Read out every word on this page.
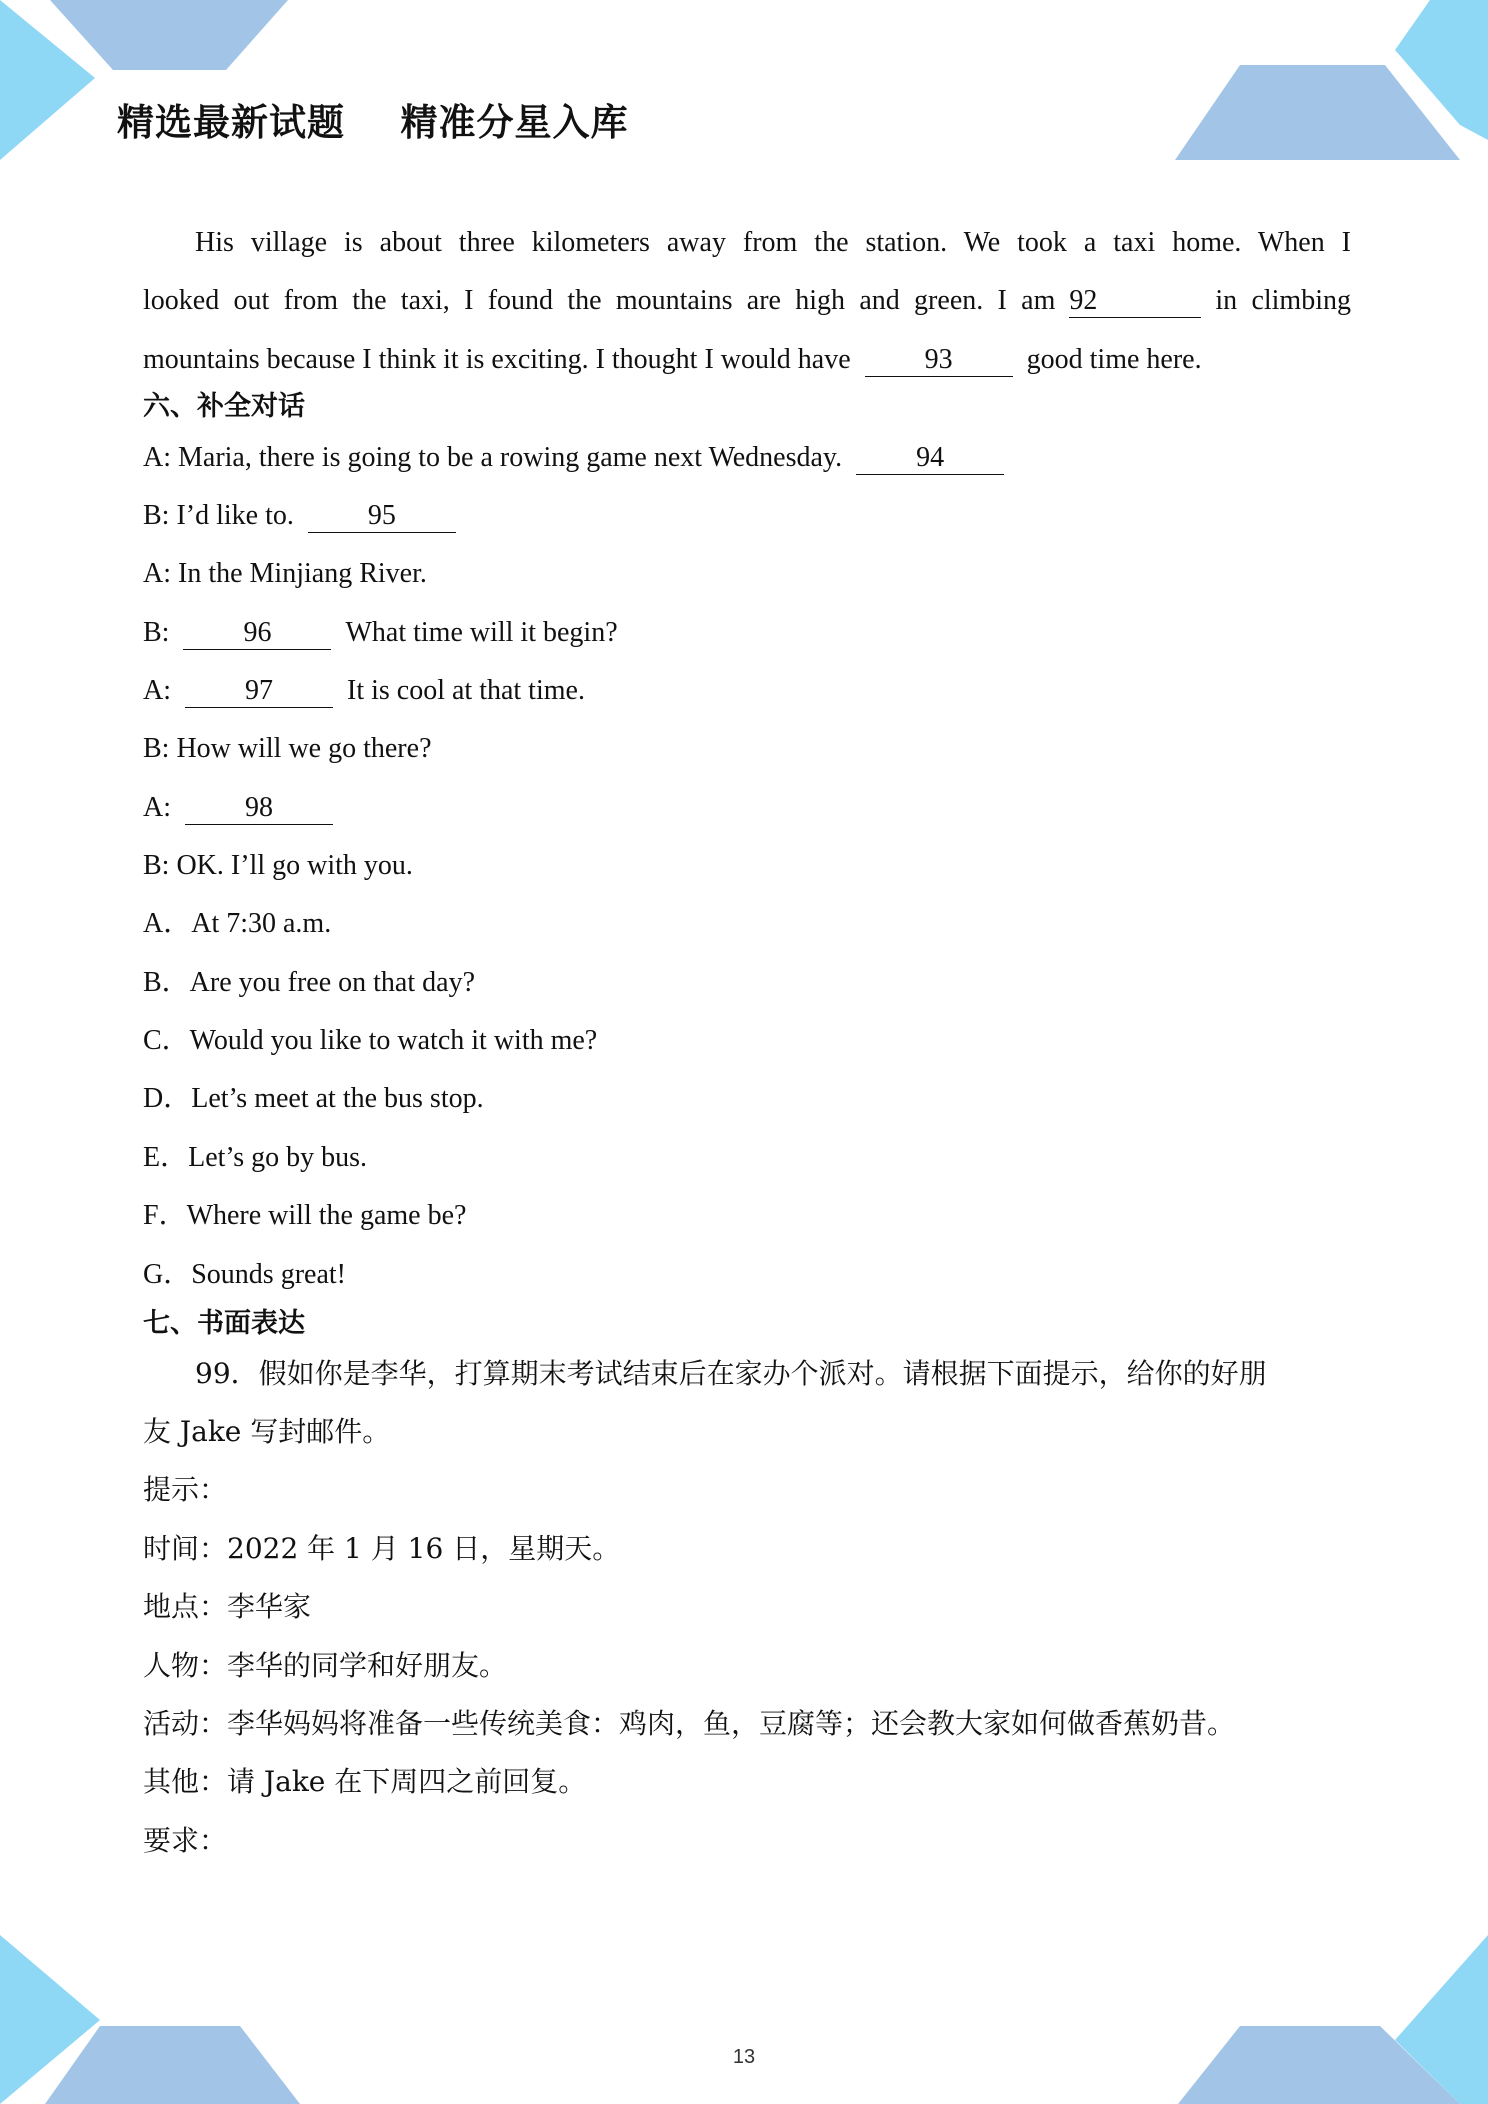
精选最新试题    精准分星入库
His village is about three kilometers away from the station. We took a taxi home. When I
looked out from the taxi, I found the mountains are high and green. I am 92	in climbing
mountains because I think it is exciting. I thought I would have	93	good time here.
六、补全对话
A: Maria, there is going to be a rowing game next Wednesday.	94
B: I’d like to.	95
A: In the Minjiang River.
B:	96	What time will it begin?
A:	97	It is cool at that time.
B: How will we go there?
A:	98
B: OK. I’ll go with you.
A．At 7:30 a.m.
B．Are you free on that day?
C．Would you like to watch it with me?
D．Let’s meet at the bus stop.
E．Let’s go by bus.
F．Where will the game be?
G．Sounds great!
七、书面表达
99．假如你是李华，打算期末考试结束后在家办个派对。请根据下面提示，给你的好朋
友 Jake 写封邮件。
提示：
时间：2022 年 1 月 16 日，星期天。
地点：李华家
人物：李华的同学和好朋友。
活动：李华妈妈将准备一些传统美食：鸡肉，鱼，豆腐等；还会教大家如何做香蕉奶昔。
其他：请 Jake 在下周四之前回复。
要求：
13
